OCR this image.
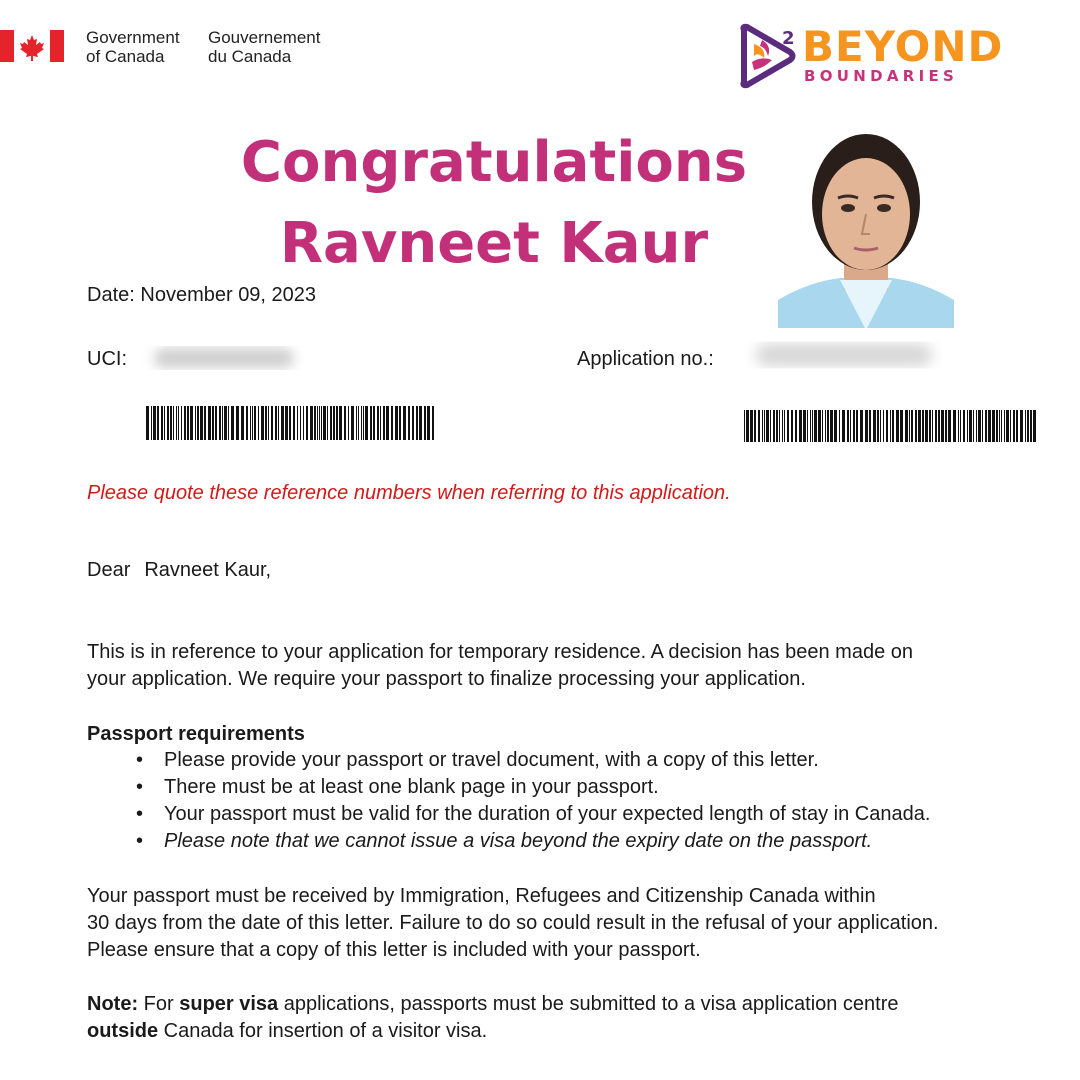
Government
of Canada
Gouvernement
du Canada
2 BEYOND
BOUNDARIES
Congratulations
Ravneet Kaur
Date: November 09, 2023
UCI:	Application no.:
Please quote these reference numbers when referring to this application.
Dear Ravneet Kaur,
This is in reference to your application for temporary residence. A decision has been made on
your application. We require your passport to finalize processing your application.
Passport requirements
• Please provide your passport or travel document, with a copy of this letter.
• There must be at least one blank page in your passport.
• Your passport must be valid for the duration of your expected length of stay in Canada.
• Please note that we cannot issue a visa beyond the expiry date on the passport.
Your passport must be received by Immigration, Refugees and Citizenship Canada within
30 days from the date of this letter. Failure to do so could result in the refusal of your application.
Please ensure that a copy of this letter is included with your passport.
Note: For super visa applications, passports must be submitted to a visa application centre
outside Canada for insertion of a visitor visa.
